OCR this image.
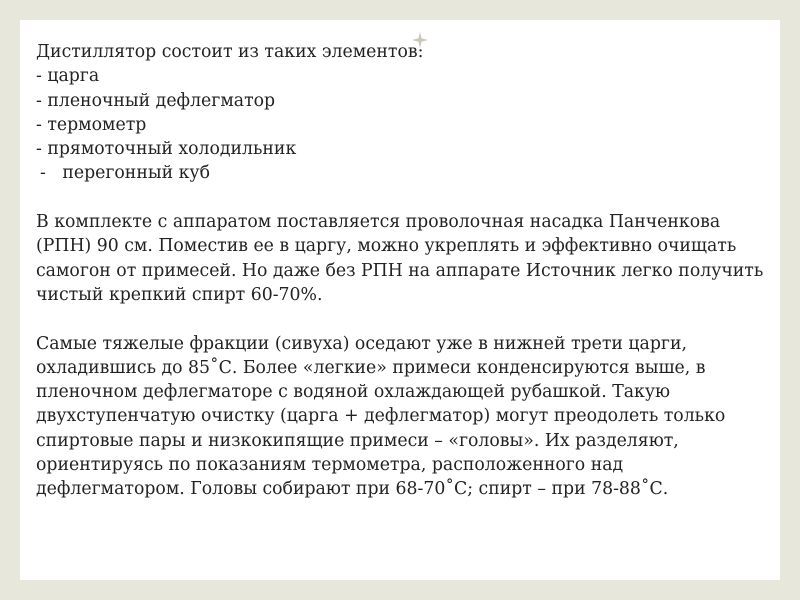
Дистиллятор состоит из таких элементов:

- царга

- пленочный дефлегматор

- термометр

- прямоточный холодильник

-   перегонный куб

В комплекте с аппаратом поставляется проволочная насадка Панченкова (РПН) 90 см. Поместив ее в царгу, можно укреплять и эффективно очищать самогон от примесей. Но даже без РПН на аппарате Источник легко получить чистый крепкий спирт 60-70%.

Самые тяжелые фракции (сивуха) оседают уже в нижней трети царги, охладившись до 85˚С. Более «легкие» примеси конденсируются выше, в пленочном дефлегматоре с водяной охлаждающей рубашкой. Такую двухступенчатую очистку (царга + дефлегматор) могут преодолеть только спиртовые пары и низкокипящие примеси – «головы». Их разделяют, ориентируясь по показаниям термометра, расположенного над дефлегматором. Головы собирают при 68-70˚С; спирт – при 78-88˚С.
